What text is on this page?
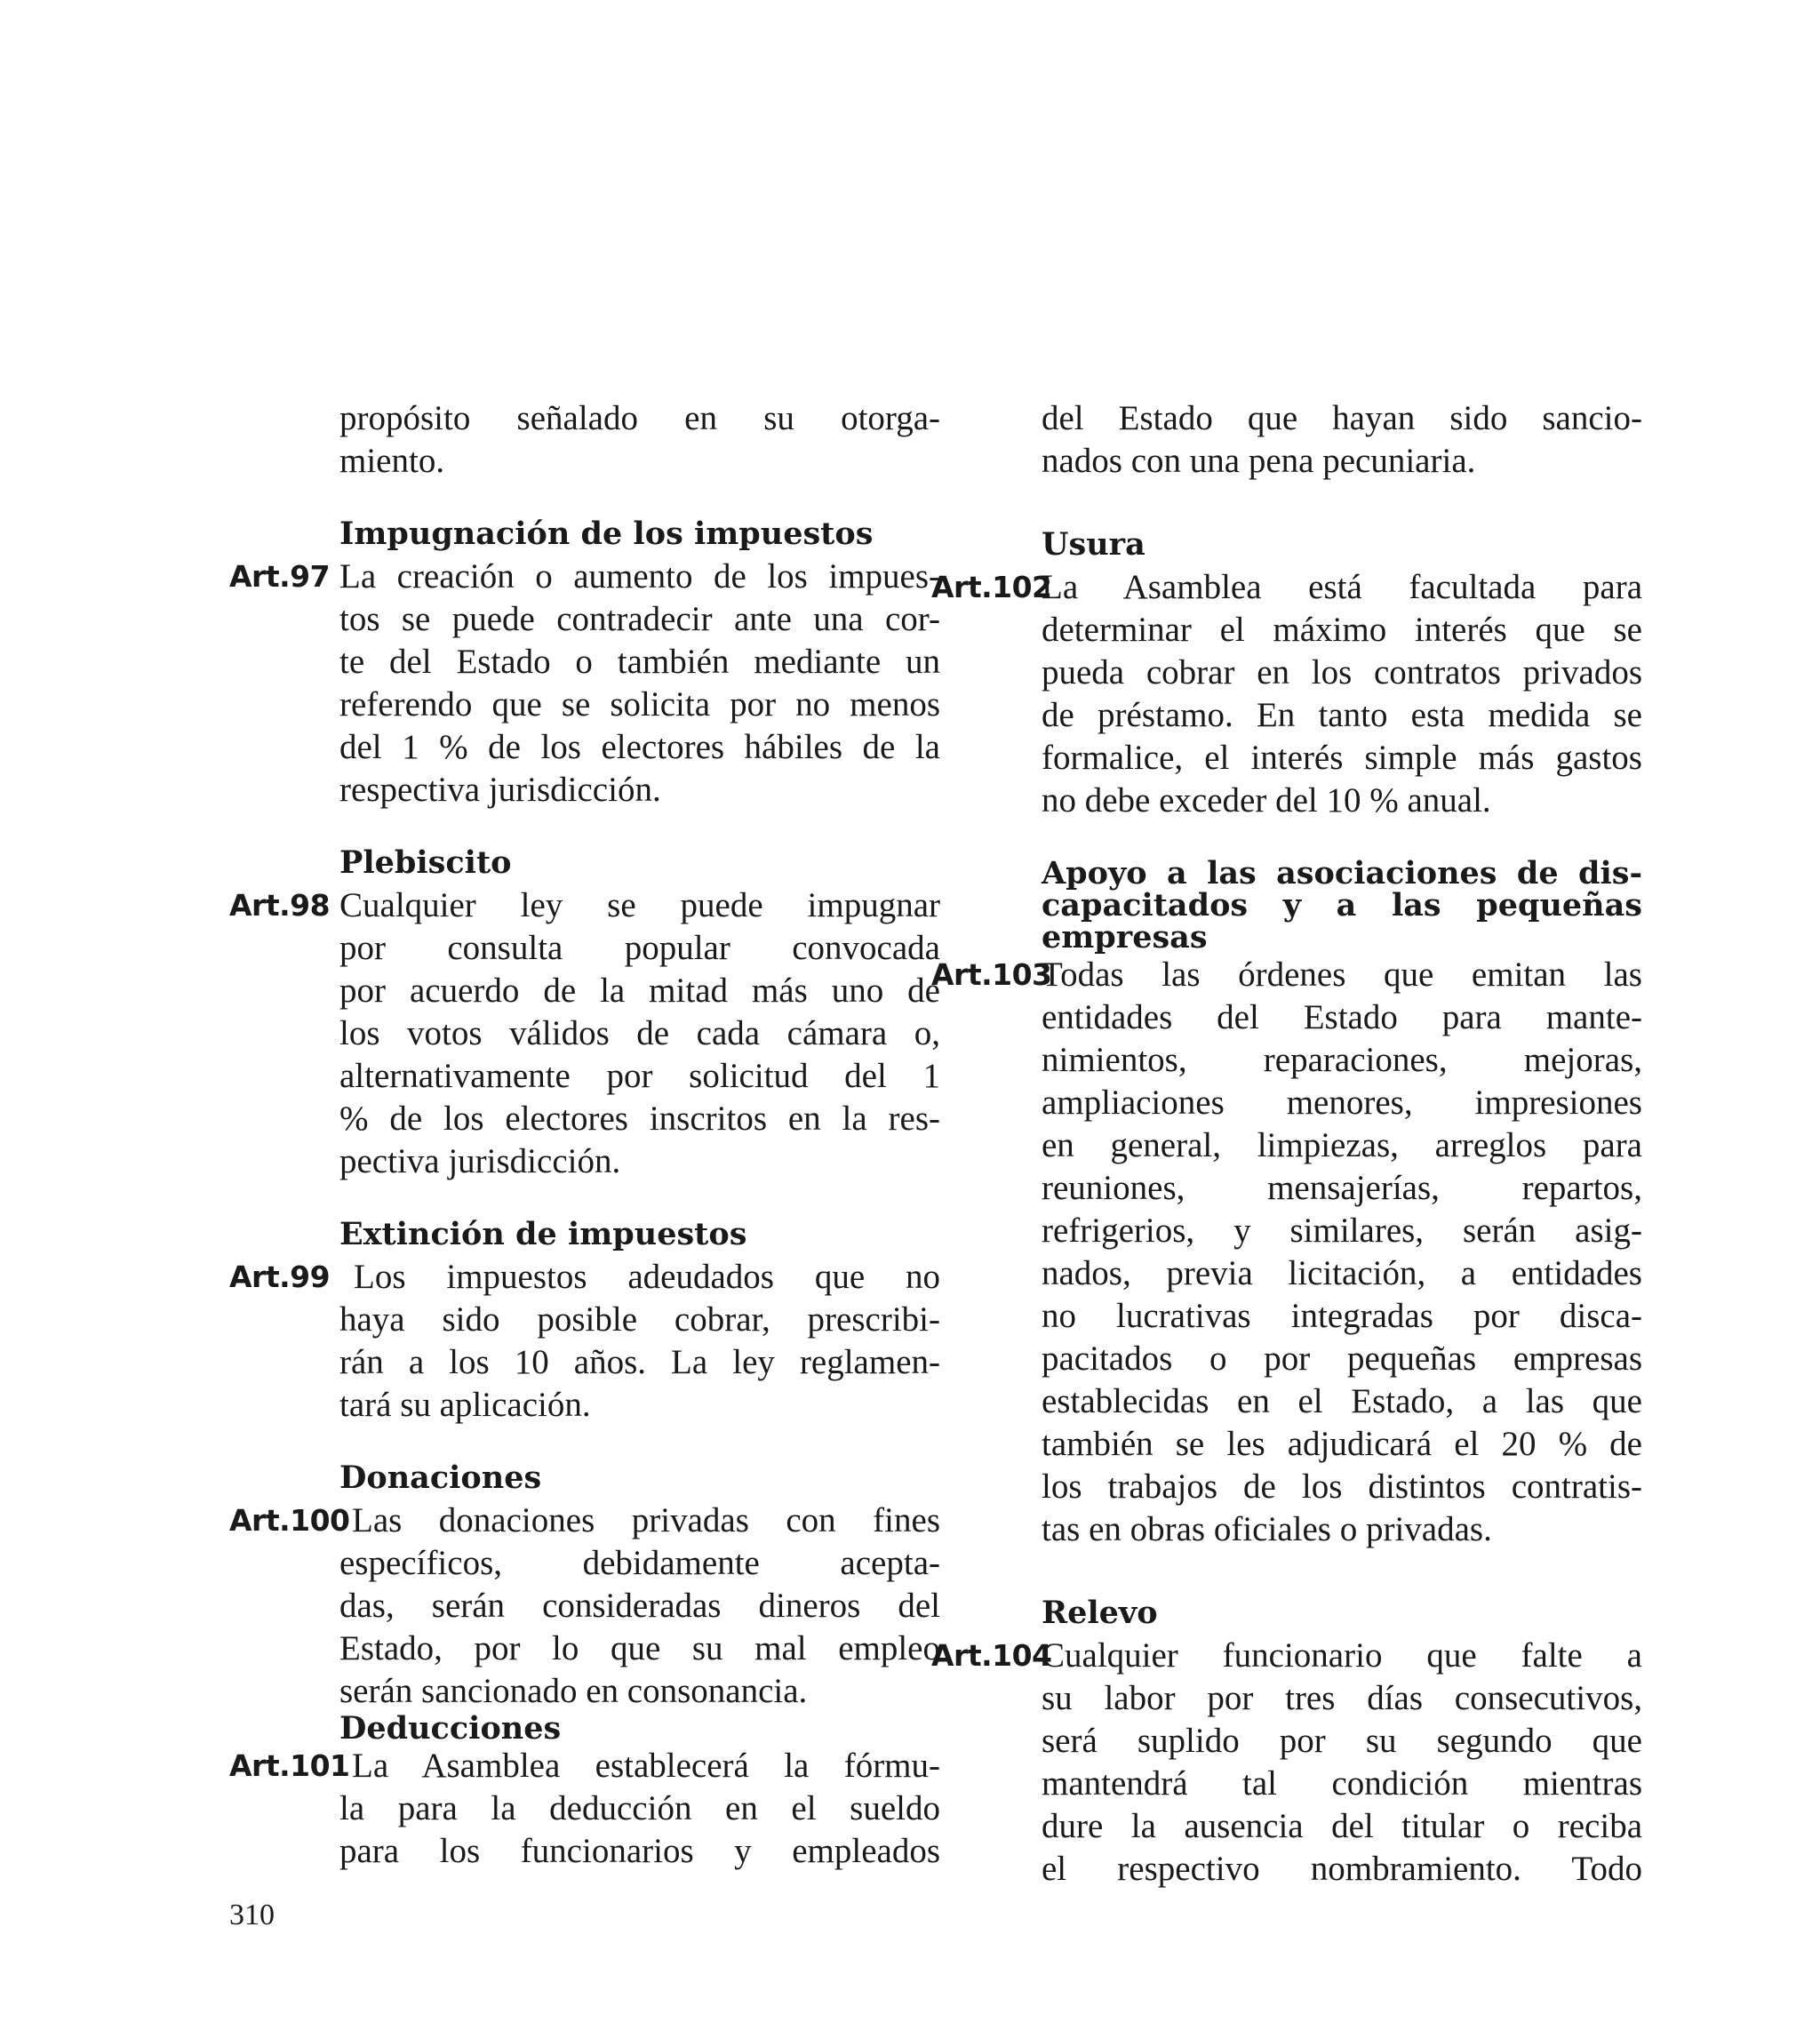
propósito señalado en su otorga-
miento.
Impugnación de los impuestos
Art.97 La creación o aumento de los impues-
tos se puede contradecir ante una cor-
te del Estado o también mediante un
referendo que se solicita por no menos
del 1 % de los electores hábiles de la
respectiva jurisdicción.
Plebiscito
Art.98 Cualquier ley se puede impugnar
por consulta popular convocada
por acuerdo de la mitad más uno de
los votos válidos de cada cámara o,
alternativamente por solicitud del 1
% de los electores inscritos en la res-
pectiva jurisdicción.
Extinción de impuestos
Art.99 Los impuestos adeudados que no
haya sido posible cobrar, prescribi-
rán a los 10 años. La ley reglamen-
tará su aplicación.
Donaciones
Art.100 Las donaciones privadas con fines
específicos, debidamente acepta-
das, serán consideradas dineros del
Estado, por lo que su mal empleo
serán sancionado en consonancia.
Deducciones
Art.101 La Asamblea establecerá la fórmu-
la para la deducción en el sueldo
para los funcionarios y empleados
del Estado que hayan sido sancio-
nados con una pena pecuniaria.
Usura
Art.102
La Asamblea está facultada para
determinar el máximo interés que se
pueda cobrar en los contratos privados
de préstamo. En tanto esta medida se
formalice, el interés simple más gastos
no debe exceder del 10 % anual.
Apoyo a las asociaciones de dis-
capacitados y a las pequeñas
empresas
Art.103
Todas las órdenes que emitan las
entidades del Estado para mante-
nimientos, reparaciones, mejoras,
ampliaciones menores, impresiones
en general, limpiezas, arreglos para
reuniones, mensajerías, repartos,
refrigerios, y similares, serán asig-
nados, previa licitación, a entidades
no lucrativas integradas por disca-
pacitados o por pequeñas empresas
establecidas en el Estado, a las que
también se les adjudicará el 20 % de
los trabajos de los distintos contratis-
tas en obras oficiales o privadas.
Relevo
Art.104
Cualquier funcionario que falte a
su labor por tres días consecutivos,
será suplido por su segundo que
mantendrá tal condición mientras
dure la ausencia del titular o reciba
el respectivo nombramiento. Todo
310
